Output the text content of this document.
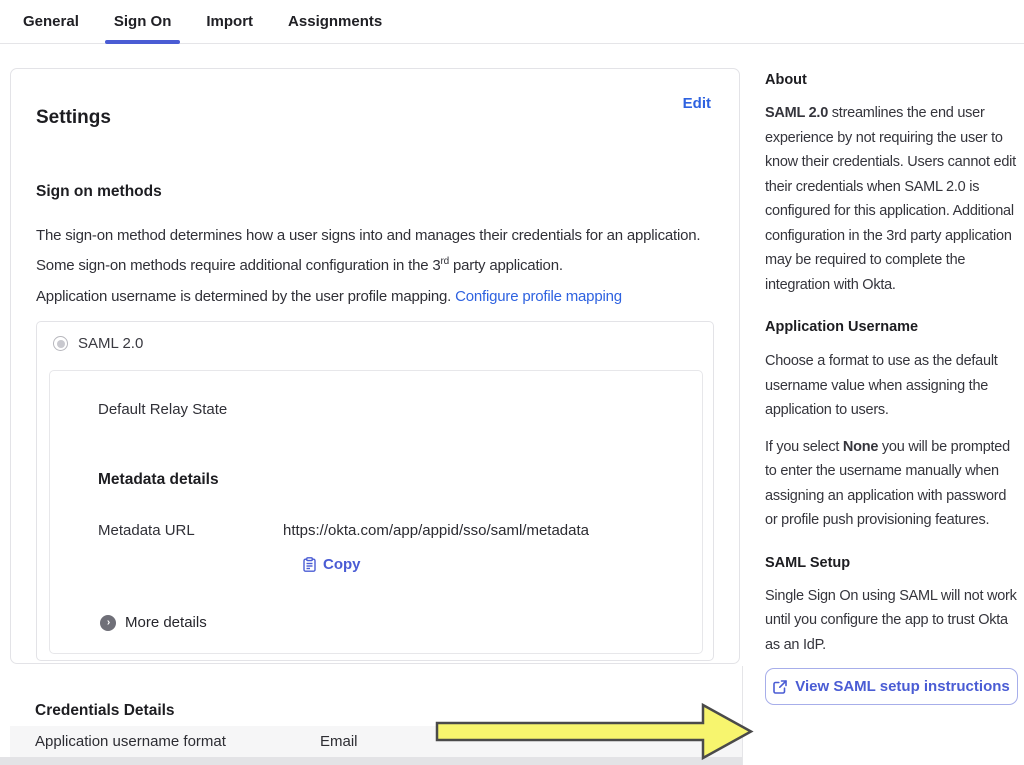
General	Sign On	Import	Assignments
Settings
Edit
Sign on methods

The sign-on method determines how a user signs into and manages their credentials for an application. Some sign-on methods require additional configuration in the 3rd party application.

Application username is determined by the user profile mapping. Configure profile mapping

SAML 2.0
Default Relay State
Metadata details
Metadata URL	https://okta.com/app/appid/sso/saml/metadata
Copy
› More details
Credentials Details
Application username format	Email
About

SAML 2.0 streamlines the end user experience by not requiring the user to know their credentials. Users cannot edit their credentials when SAML 2.0 is configured for this application. Additional configuration in the 3rd party application may be required to complete the integration with Okta.

Application Username

Choose a format to use as the default username value when assigning the application to users.

If you select None you will be prompted to enter the username manually when assigning an application with password or profile push provisioning features.

SAML Setup

Single Sign On using SAML will not work until you configure the app to trust Okta as an IdP.

View SAML setup instructions
